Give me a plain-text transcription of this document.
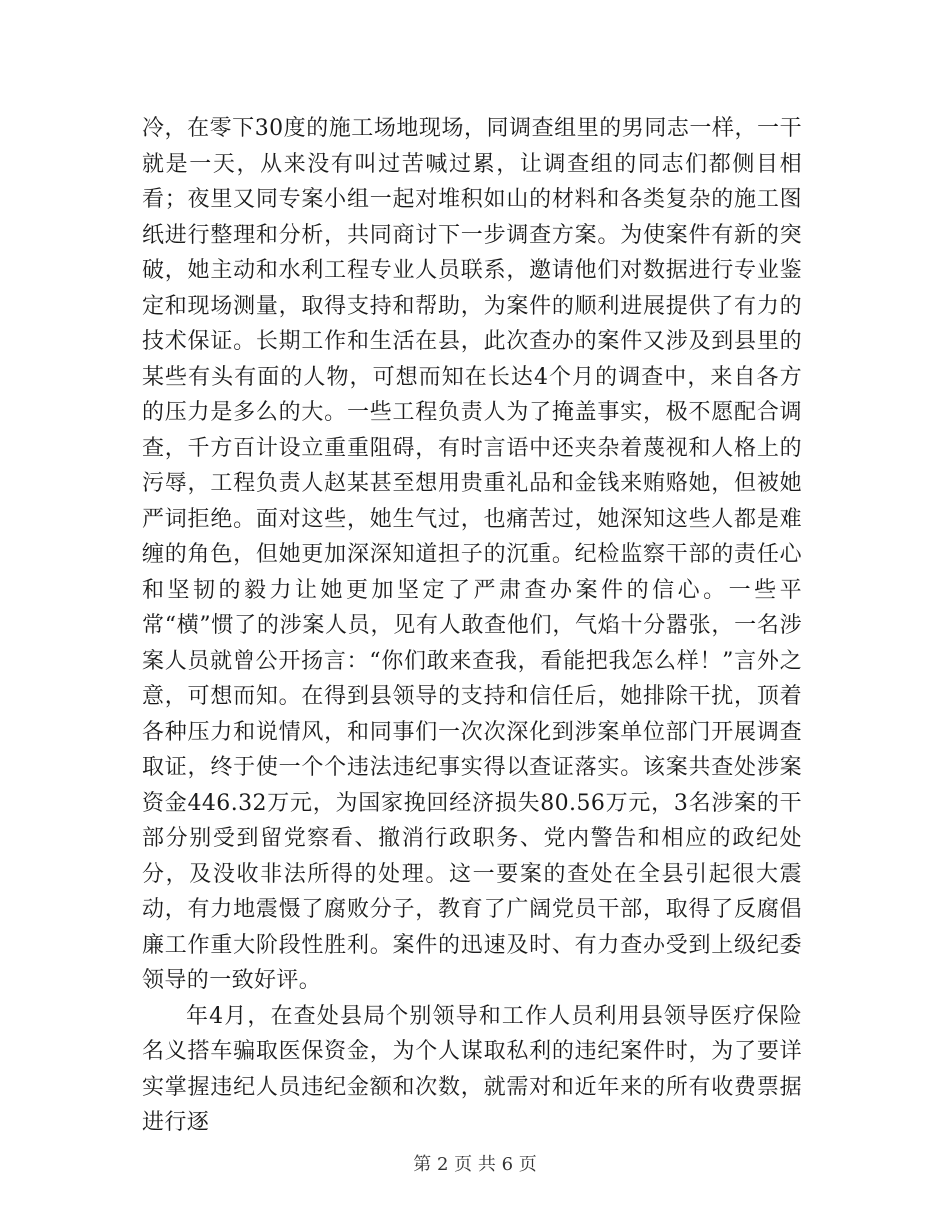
冷，在零下30度的施工场地现场，同调查组里的男同志一样，一干就是一天，从来没有叫过苦喊过累，让调查组的同志们都侧目相看；夜里又同专案小组一起对堆积如山的材料和各类复杂的施工图纸进行整理和分析，共同商讨下一步调查方案。为使案件有新的突破，她主动和水利工程专业人员联系，邀请他们对数据进行专业鉴定和现场测量，取得支持和帮助，为案件的顺利进展提供了有力的技术保证。长期工作和生活在县，此次查办的案件又涉及到县里的某些有头有面的人物，可想而知在长达4个月的调查中，来自各方的压力是多么的大。一些工程负责人为了掩盖事实，极不愿配合调查，千方百计设立重重阻碍，有时言语中还夹杂着蔑视和人格上的污辱，工程负责人赵某甚至想用贵重礼品和金钱来贿赂她，但被她严词拒绝。面对这些，她生气过，也痛苦过，她深知这些人都是难缠的角色，但她更加深深知道担子的沉重。纪检监察干部的责任心和坚韧的毅力让她更加坚定了严肃查办案件的信心。一些平常“横”惯了的涉案人员，见有人敢查他们，气焰十分嚣张，一名涉案人员就曾公开扬言：“你们敢来查我，看能把我怎么样！”言外之意，可想而知。在得到县领导的支持和信任后，她排除干扰，顶着各种压力和说情风，和同事们一次次深化到涉案单位部门开展调查取证，终于使一个个违法违纪事实得以查证落实。该案共查处涉案资金446.32万元，为国家挽回经济损失80.56万元，3名涉案的干部分别受到留党察看、撤消行政职务、党内警告和相应的政纪处分，及没收非法所得的处理。这一要案的查处在全县引起很大震动，有力地震慑了腐败分子，教育了广阔党员干部，取得了反腐倡廉工作重大阶段性胜利。案件的迅速及时、有力查办受到上级纪委领导的一致好评。

年4月，在查处县局个别领导和工作人员利用县领导医疗保险名义搭车骗取医保资金，为个人谋取私利的违纪案件时，为了要详实掌握违纪人员违纪金额和次数，就需对和近年来的所有收费票据进行逐

第 2 页 共 6 页
